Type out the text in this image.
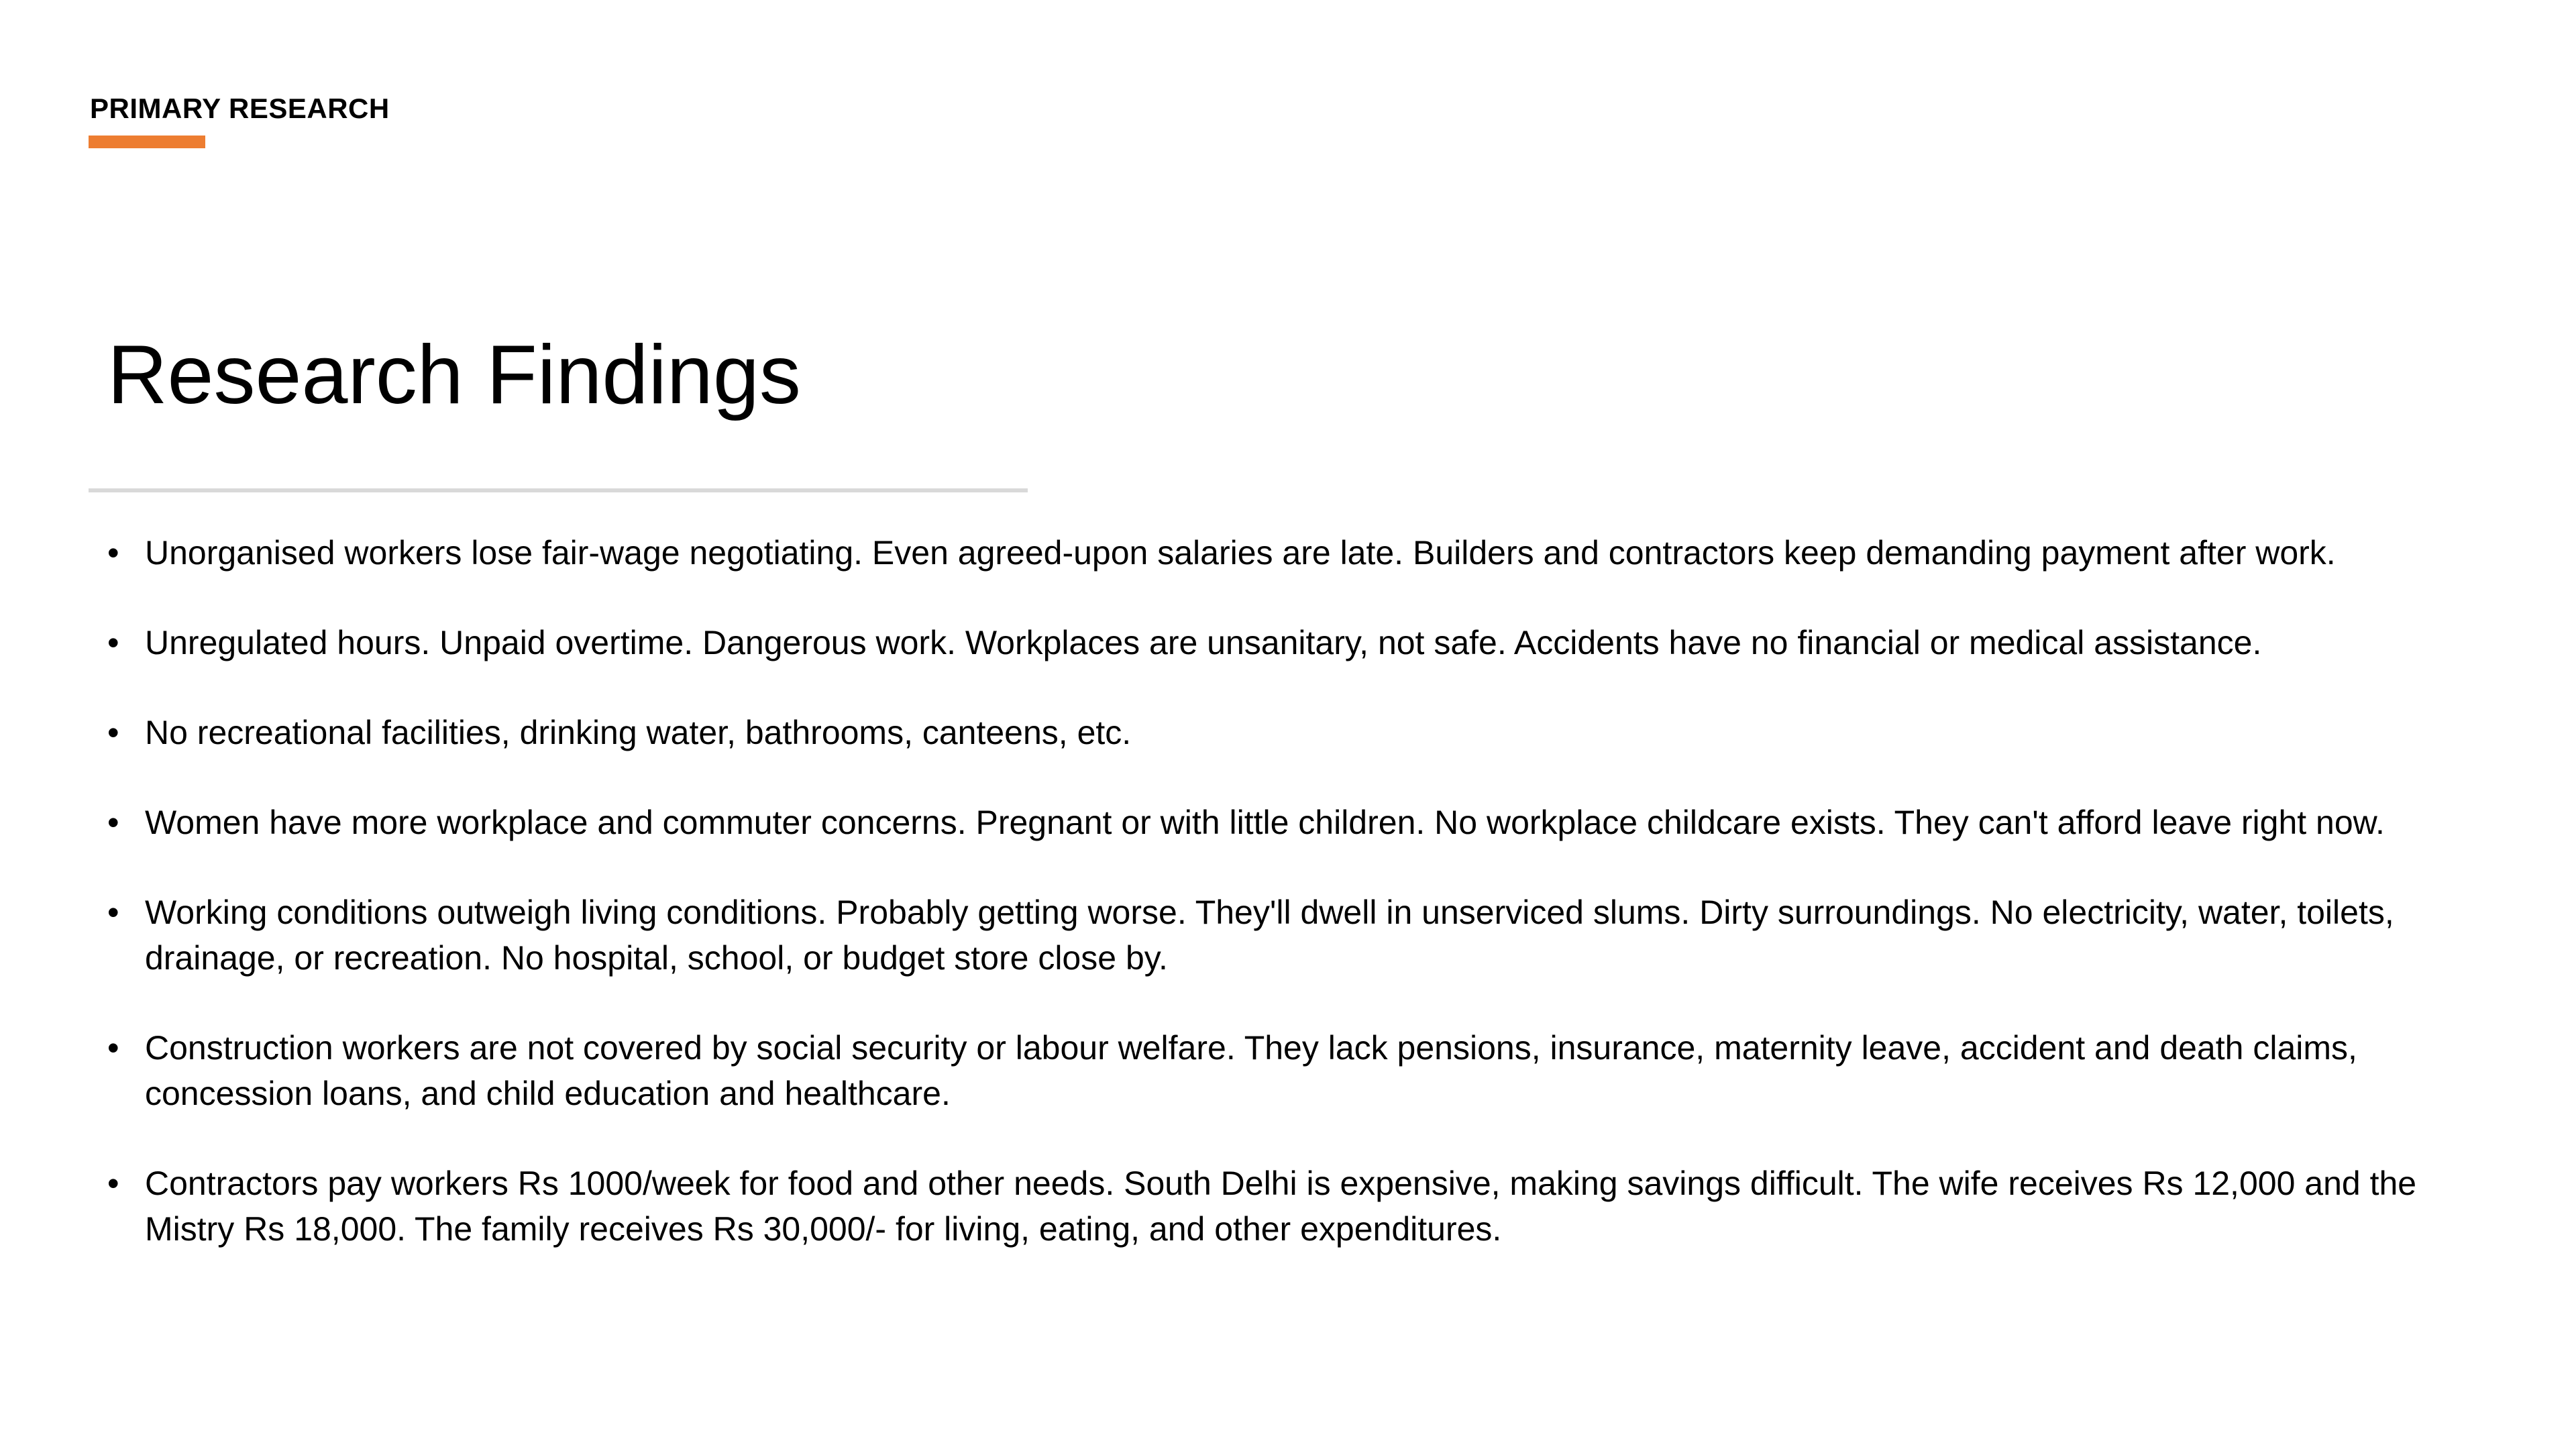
PRIMARY RESEARCH
Research Findings
• Unorganised workers lose fair-wage negotiating. Even agreed-upon salaries are late. Builders and contractors keep demanding payment after work.
• Unregulated hours. Unpaid overtime. Dangerous work. Workplaces are unsanitary, not safe. Accidents have no financial or medical assistance.
• No recreational facilities, drinking water, bathrooms, canteens, etc.
• Women have more workplace and commuter concerns. Pregnant or with little children. No workplace childcare exists. They can't afford leave right now.
• Working conditions outweigh living conditions. Probably getting worse. They'll dwell in unserviced slums. Dirty surroundings. No electricity, water, toilets, drainage, or recreation. No hospital, school, or budget store close by.
• Construction workers are not covered by social security or labour welfare. They lack pensions, insurance, maternity leave, accident and death claims, concession loans, and child education and healthcare.
• Contractors pay workers Rs 1000/week for food and other needs. South Delhi is expensive, making savings difficult. The wife receives Rs 12,000 and the Mistry Rs 18,000. The family receives Rs 30,000/- for living, eating, and other expenditures.
